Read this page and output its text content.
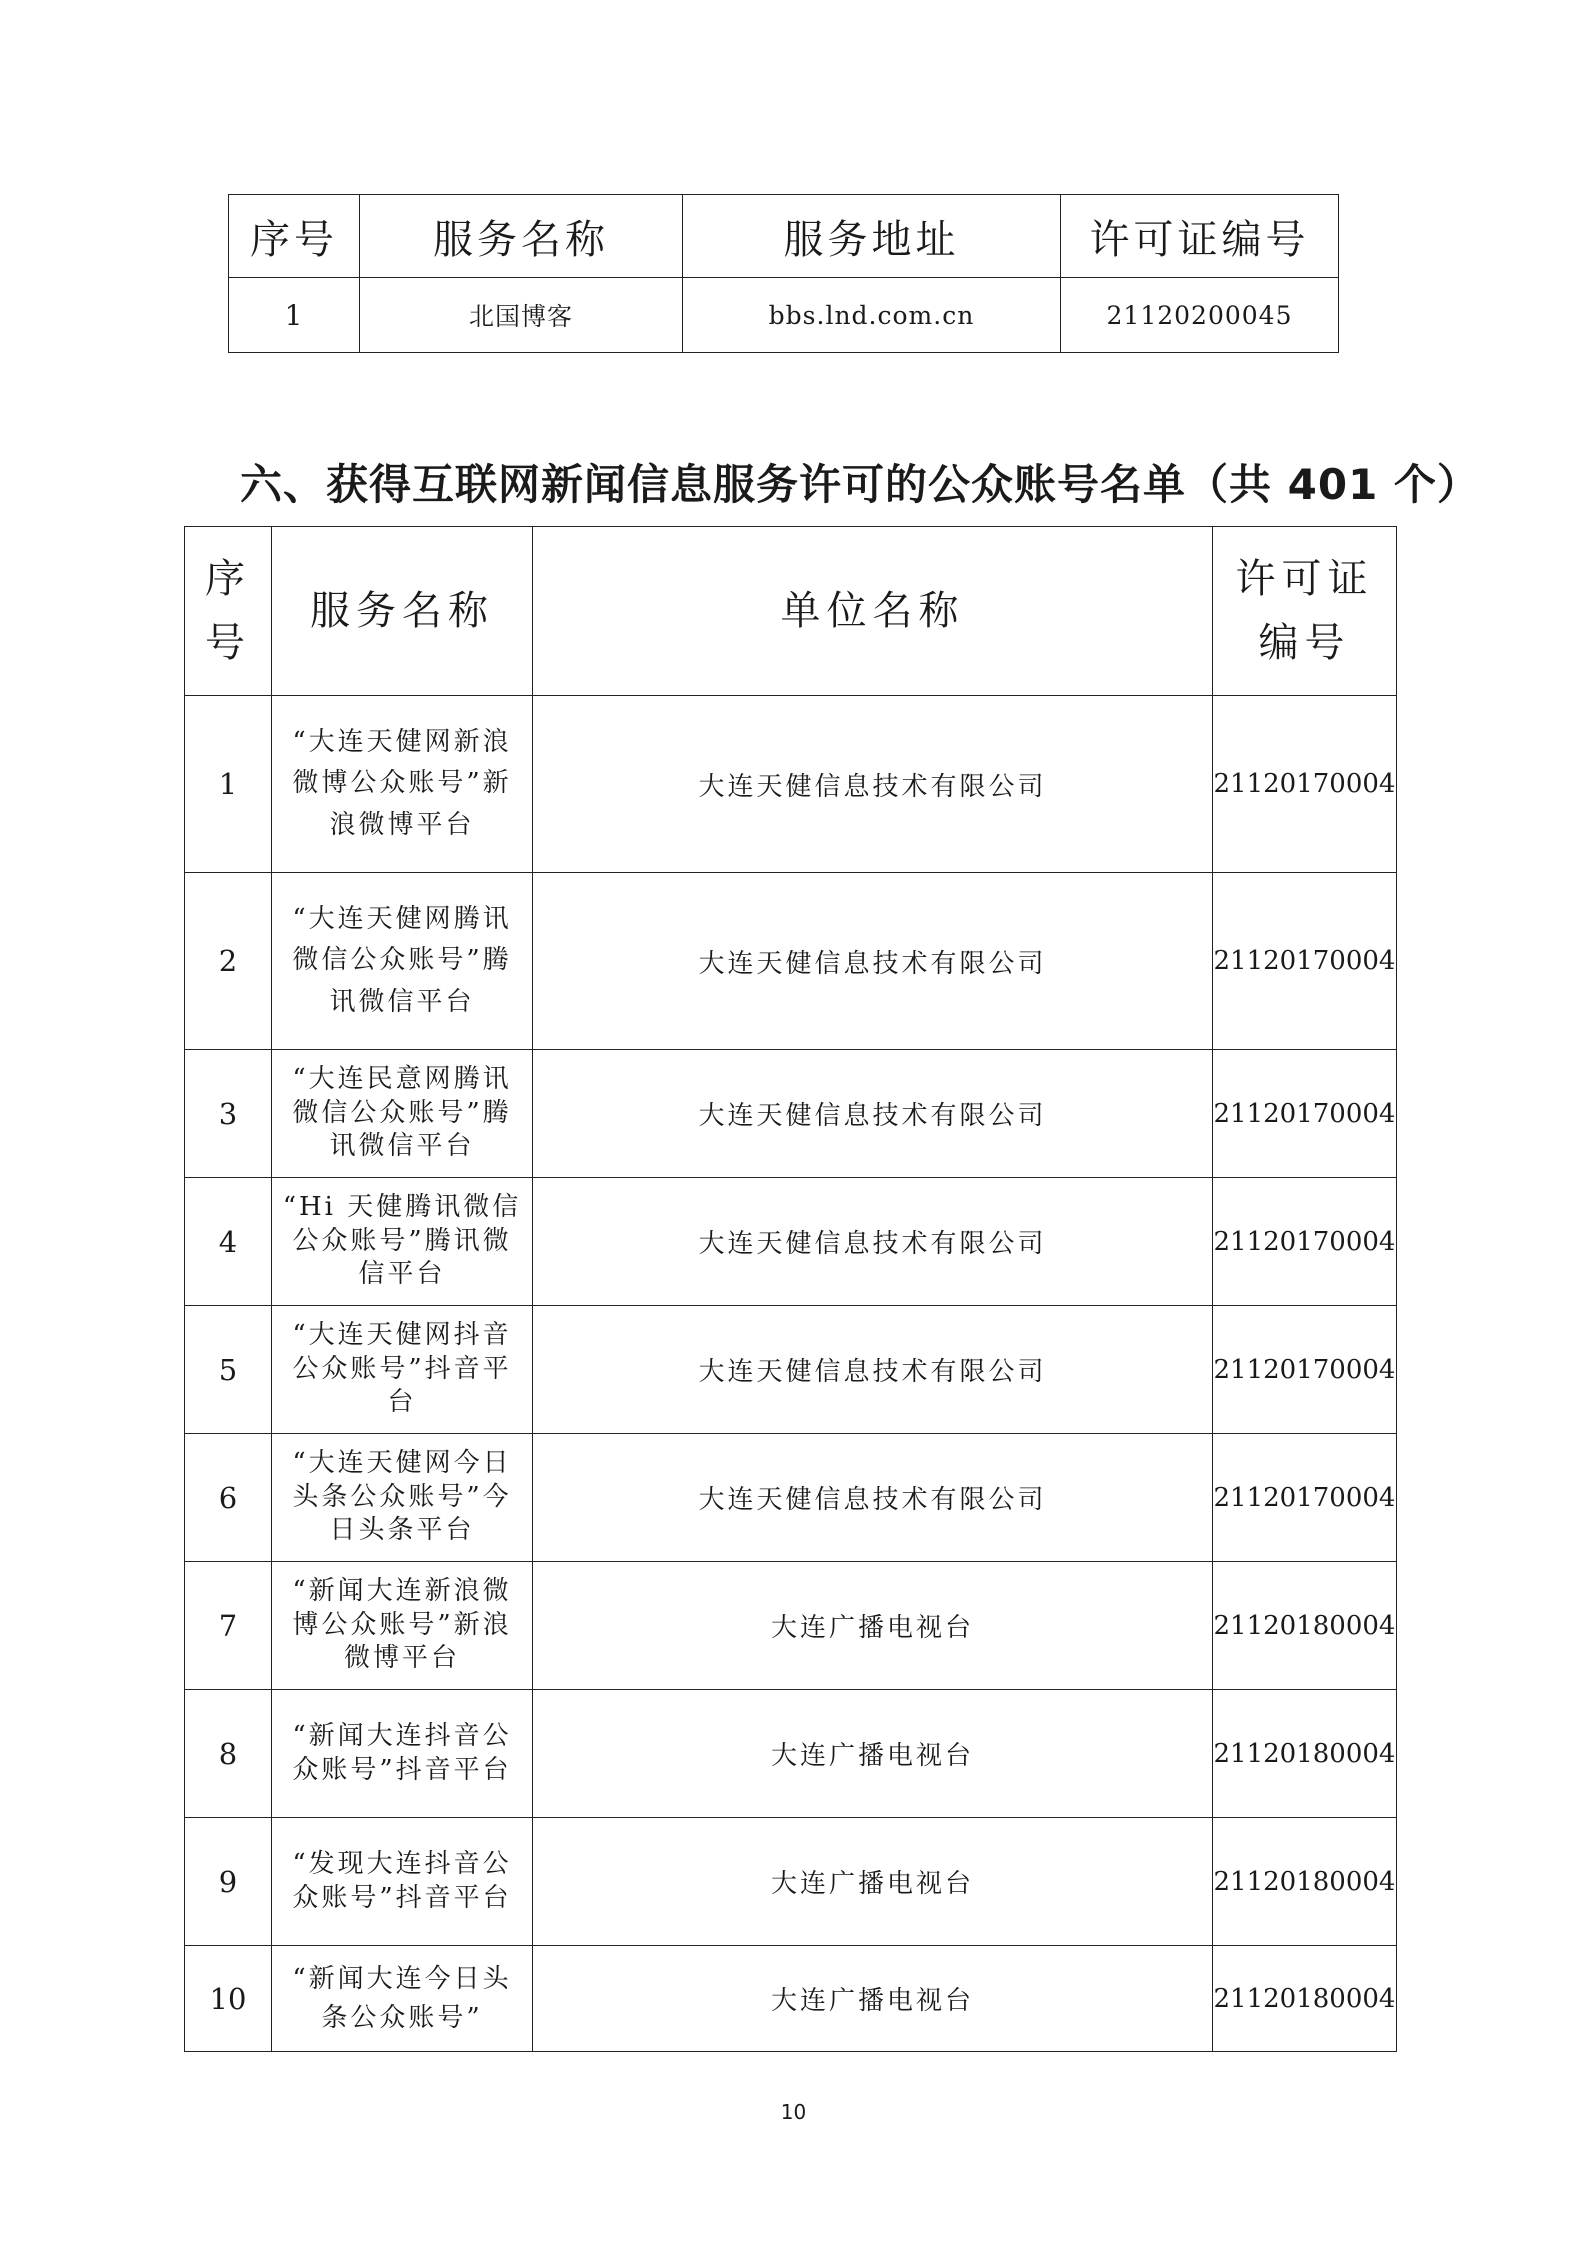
序号	服务名称	服务地址	许可证编号
1	北国博客	bbs.lnd.com.cn	21120200045
六、获得互联网新闻信息服务许可的公众账号名单（共 401 个）
序号	服务名称	单位名称	许可证编号
1	“大连天健网新浪微博公众账号”新浪微博平台	大连天健信息技术有限公司	21120170004
2	“大连天健网腾讯微信公众账号”腾讯微信平台	大连天健信息技术有限公司	21120170004
3	“大连民意网腾讯微信公众账号”腾讯微信平台	大连天健信息技术有限公司	21120170004
4	“Hi 天健腾讯微信公众账号”腾讯微信平台	大连天健信息技术有限公司	21120170004
5	“大连天健网抖音公众账号”抖音平台	大连天健信息技术有限公司	21120170004
6	“大连天健网今日头条公众账号”今日头条平台	大连天健信息技术有限公司	21120170004
7	“新闻大连新浪微博公众账号”新浪微博平台	大连广播电视台	21120180004
8	“新闻大连抖音公众账号”抖音平台	大连广播电视台	21120180004
9	“发现大连抖音公众账号”抖音平台	大连广播电视台	21120180004
10	“新闻大连今日头条公众账号”	大连广播电视台	21120180004
10
